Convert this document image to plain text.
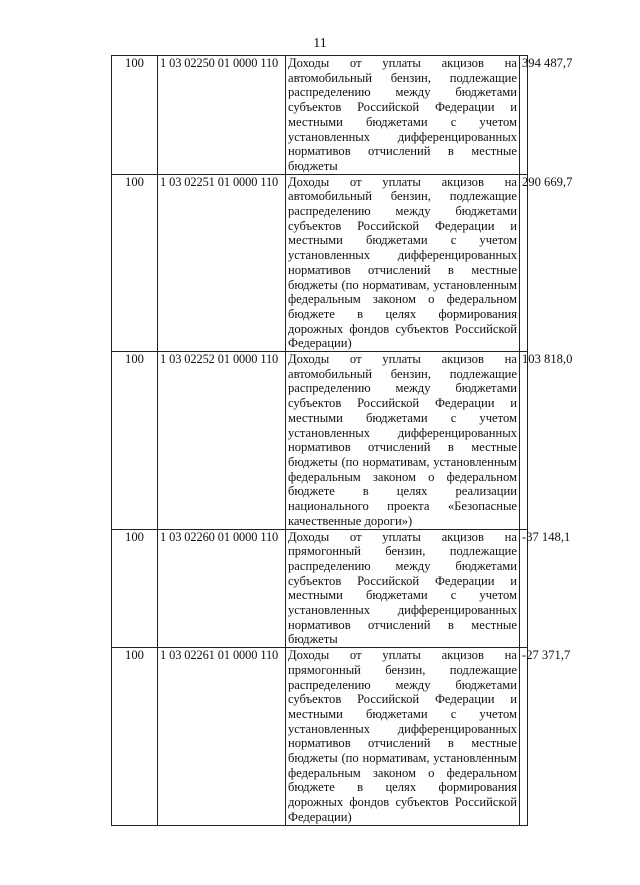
11
100	1 03 02250 01 0000 110	Доходы от уплаты акцизов на автомобильный бензин, подлежащие распределению между бюджетами субъектов Российской Федерации и местными бюджетами с учетом установленных дифференцированных нормативов отчислений в местные бюджеты	394 487,7
100	1 03 02251 01 0000 110	Доходы от уплаты акцизов на автомобильный бензин, подлежащие распределению между бюджетами субъектов Российской Федерации и местными бюджетами с учетом установленных дифференцированных нормативов отчислений в местные бюджеты (по нормативам, установленным федеральным законом о федеральном бюджете в целях формирования дорожных фондов субъектов Российской Федерации)	290 669,7
100	1 03 02252 01 0000 110	Доходы от уплаты акцизов на автомобильный бензин, подлежащие распределению между бюджетами субъектов Российской Федерации и местными бюджетами с учетом установленных дифференцированных нормативов отчислений в местные бюджеты (по нормативам, установленным федеральным законом о федеральном бюджете в целях реализации национального проекта «Безопасные качественные дороги»)	103 818,0
100	1 03 02260 01 0000 110	Доходы от уплаты акцизов на прямогонный бензин, подлежащие распределению между бюджетами субъектов Российской Федерации и местными бюджетами с учетом установленных дифференцированных нормативов отчислений в местные бюджеты	-37 148,1
100	1 03 02261 01 0000 110	Доходы от уплаты акцизов на прямогонный бензин, подлежащие распределению между бюджетами субъектов Российской Федерации и местными бюджетами с учетом установленных дифференцированных нормативов отчислений в местные бюджеты (по нормативам, установленным федеральным законом о федеральном бюджете в целях формирования дорожных фондов субъектов Российской Федерации)	-27 371,7
